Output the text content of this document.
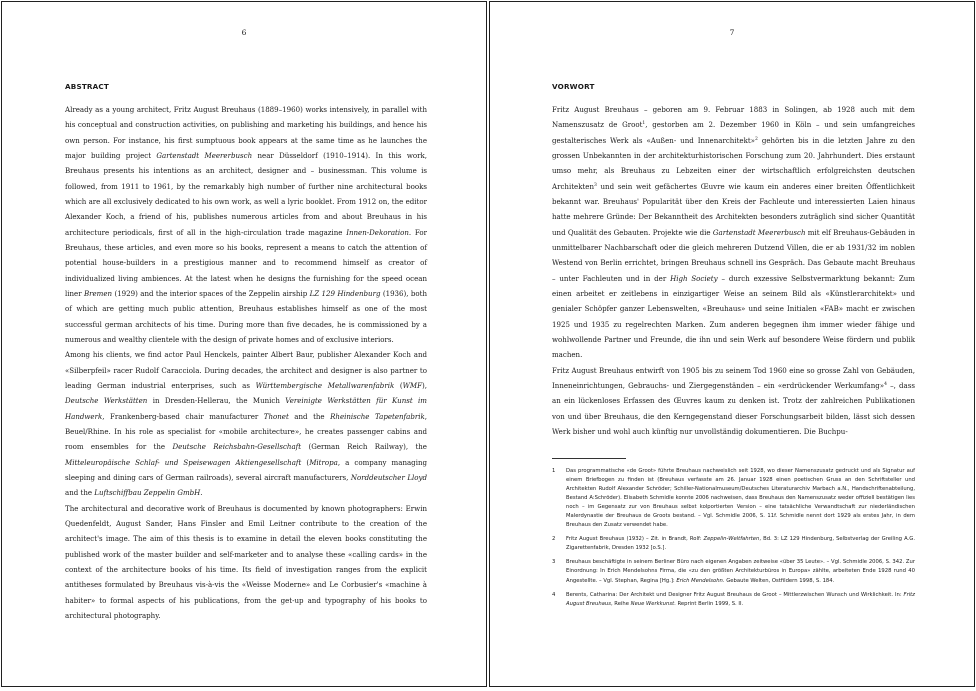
6
ABSTRACT

Already as a young architect, Fritz August Breuhaus (1889–1960) works intensively, in parallel with his conceptual and construction activities, on publishing and marketing his buildings, and hence his own person. For instance, his first sumptuous book appears at the same time as he launches the major building project Gartenstadt Meererbusch near Düsseldorf (1910–1914). In this work, Breuhaus presents his intentions as an architect, designer and – businessman. This volume is followed, from 1911 to 1961, by the remarkably high number of further nine architectural books which are all exclusively dedicated to his own work, as well a lyric booklet. From 1912 on, the editor Alexander Koch, a friend of his, publishes numerous articles from and about Breuhaus in his architecture periodicals, first of all in the high-circulation trade magazine Innen-Dekoration. For Breuhaus, these articles, and even more so his books, represent a means to catch the attention of potential house-builders in a prestigious manner and to recommend himself as creator of individualized living ambiences. At the latest when he designs the furnishing for the speed ocean liner Bremen (1929) and the interior spaces of the Zeppelin airship LZ 129 Hindenburg (1936), both of which are getting much public attention, Breuhaus establishes himself as one of the most successful german architects of his time. During more than five decades, he is commissioned by a numerous and wealthy clientele with the design of private homes and of exclusive interiors.

Among his clients, we find actor Paul Henckels, painter Albert Baur, publisher Alexander Koch and «Silberpfeil» racer Rudolf Caracciola. During decades, the architect and designer is also partner to leading German industrial enterprises, such as Württembergische Metallwarenfabrik (WMF), Deutsche Werkstätten in Dresden-Hellerau, the Munich Vereinigte Werkstätten für Kunst im Handwerk, Frankenberg-based chair manufacturer Thonet and the Rheinische Tapetenfabrik, Beuel/Rhine. In his role as specialist for «mobile architecture», he creates passenger cabins and room ensembles for the Deutsche Reichsbahn-Gesellschaft (German Reich Railway), the Mitteleuropäische Schlaf- und Speisewagen Aktiengesellschaft (Mitropa, a company managing sleeping and dining cars of German railroads), several aircraft manufacturers, Norddeutscher Lloyd and the Luftschiffbau Zeppelin GmbH.

The architectural and decorative work of Breuhaus is documented by known photographers: Erwin Quedenfeldt, August Sander, Hans Finsler and Emil Leitner contribute to the creation of the architect's image. The aim of this thesis is to examine in detail the eleven books constituting the published work of the master builder and self-marketer and to analyse these «calling cards» in the context of the architecture books of his time. Its field of investigation ranges from the explicit antitheses formulated by Breuhaus vis-à-vis the «Weisse Moderne» and Le Corbusier's «machine à habiter» to formal aspects of his publications, from the get-up and typography of his books to architectural photography.

7
VORWORT

Fritz August Breuhaus – geboren am 9. Februar 1883 in Solingen, ab 1928 auch mit dem Namenszusatz de Groot$^1$, gestorben am 2. Dezember 1960 in Köln – und sein umfangreiches gestalterisches Werk als «Außen- und Innenarchitekt»$^2$ gehörten bis in die letzten Jahre zu den grossen Unbekannten in der architekturhistorischen Forschung zum 20. Jahrhundert. Dies erstaunt umso mehr, als Breuhaus zu Lebzeiten einer der wirtschaftlich erfolgreichsten deutschen Architekten$^3$ und sein weit gefächertes Œuvre wie kaum ein anderes einer breiten Öffentlichkeit bekannt war. Breuhaus' Popularität über den Kreis der Fachleute und interessierten Laien hinaus hatte mehrere Gründe: Der Bekanntheit des Architekten besonders zuträglich sind sicher Quantität und Qualität des Gebauten. Projekte wie die Gartenstadt Meererbusch mit elf Breuhaus-Gebäuden in unmittelbarer Nachbarschaft oder die gleich mehreren Dutzend Villen, die er ab 1931/32 im noblen Westend von Berlin errichtet, bringen Breuhaus schnell ins Gespräch. Das Gebaute macht Breuhaus – unter Fachleuten und in der High Society – durch exzessive Selbstvermarktung bekannt: Zum einen arbeitet er zeitlebens in einzigartiger Weise an seinem Bild als «Künstlerarchitekt» und genialer Schöpfer ganzer Lebenswelten, «Breuhaus» und seine Initialen «FAB» macht er zwischen 1925 und 1935 zu regelrechten Marken. Zum anderen begegnen ihm immer wieder fähige und wohlwollende Partner und Freunde, die ihn und sein Werk auf besondere Weise fördern und publik machen.

Fritz August Breuhaus entwirft von 1905 bis zu seinem Tod 1960 eine so grosse Zahl von Gebäuden, Inneneinrichtungen, Gebrauchs- und Ziergegenständen – ein «erdrückender Werkumfang»$^4$ –, dass an ein lückenloses Erfassen des Œuvres kaum zu denken ist. Trotz der zahlreichen Publikationen von und über Breuhaus, die den Kerngegenstand dieser Forschungsarbeit bilden, lässt sich dessen Werk bisher und wohl auch künftig nur unvollständig dokumentieren. Die Buchpu-

1 Das programmatische «de Groot» führte Breuhaus nachweislich seit 1928, wo dieser Namenszusatz gedruckt und als Signatur auf einem Briefbogen zu finden ist (Breuhaus verfasste am 26. Januar 1928 einen poetischen Gruss an den Schriftsteller und Architekten Rudolf Alexander Schröder; Schiller-Nationalmuseum/Deutsches Literaturarchiv Marbach a.N., Handschriftenabteilung, Bestand A:Schröder). Elisabeth Schmidle konnte 2006 nachweisen, dass Breuhaus den Namenszusatz weder offiziell bestätigen lies noch – im Gegensatz zur von Breuhaus selbst kolportierten Version – eine tatsächliche Verwandtschaft zur niederländischen Malerdynastie der Breuhaus de Groots bestand. – Vgl. Schmidle 2006, S. 11f. Schmidle nennt dort 1929 als erstes Jahr, in dem Breuhaus den Zusatz verwendet habe.
2 Fritz August Breuhaus (1932) – Zit. in Brandt, Rolf: Zeppelin-Weltfahrten, Bd. 3: LZ 129 Hindenburg, Selbstverlag der Greiling A.G. Zigarettenfabrik, Dresden 1932 [o.S.].
3 Breuhaus beschäftigte in seinem Berliner Büro nach eigenen Angaben zeitweise «über 35 Leute». – Vgl. Schmidle 2006, S. 342. Zur Einordnung: In Erich Mendelsohns Firma, die «zu den größten Architekturbüros in Europa» zählte, arbeiteten Ende 1928 rund 40 Angestellte. – Vgl. Stephan, Regina [Hg.]: Erich Mendelsohn. Gebaute Welten, Ostfildern 1998, S. 184.
4 Berents, Catharina: Der Architekt und Designer Fritz August Breuhaus de Groot – Mittlerzwischen Wunsch und Wirklichkeit. In: Fritz August Breuhaus, Reihe Neue Werkkunst. Reprint Berlin 1999, S. II.
